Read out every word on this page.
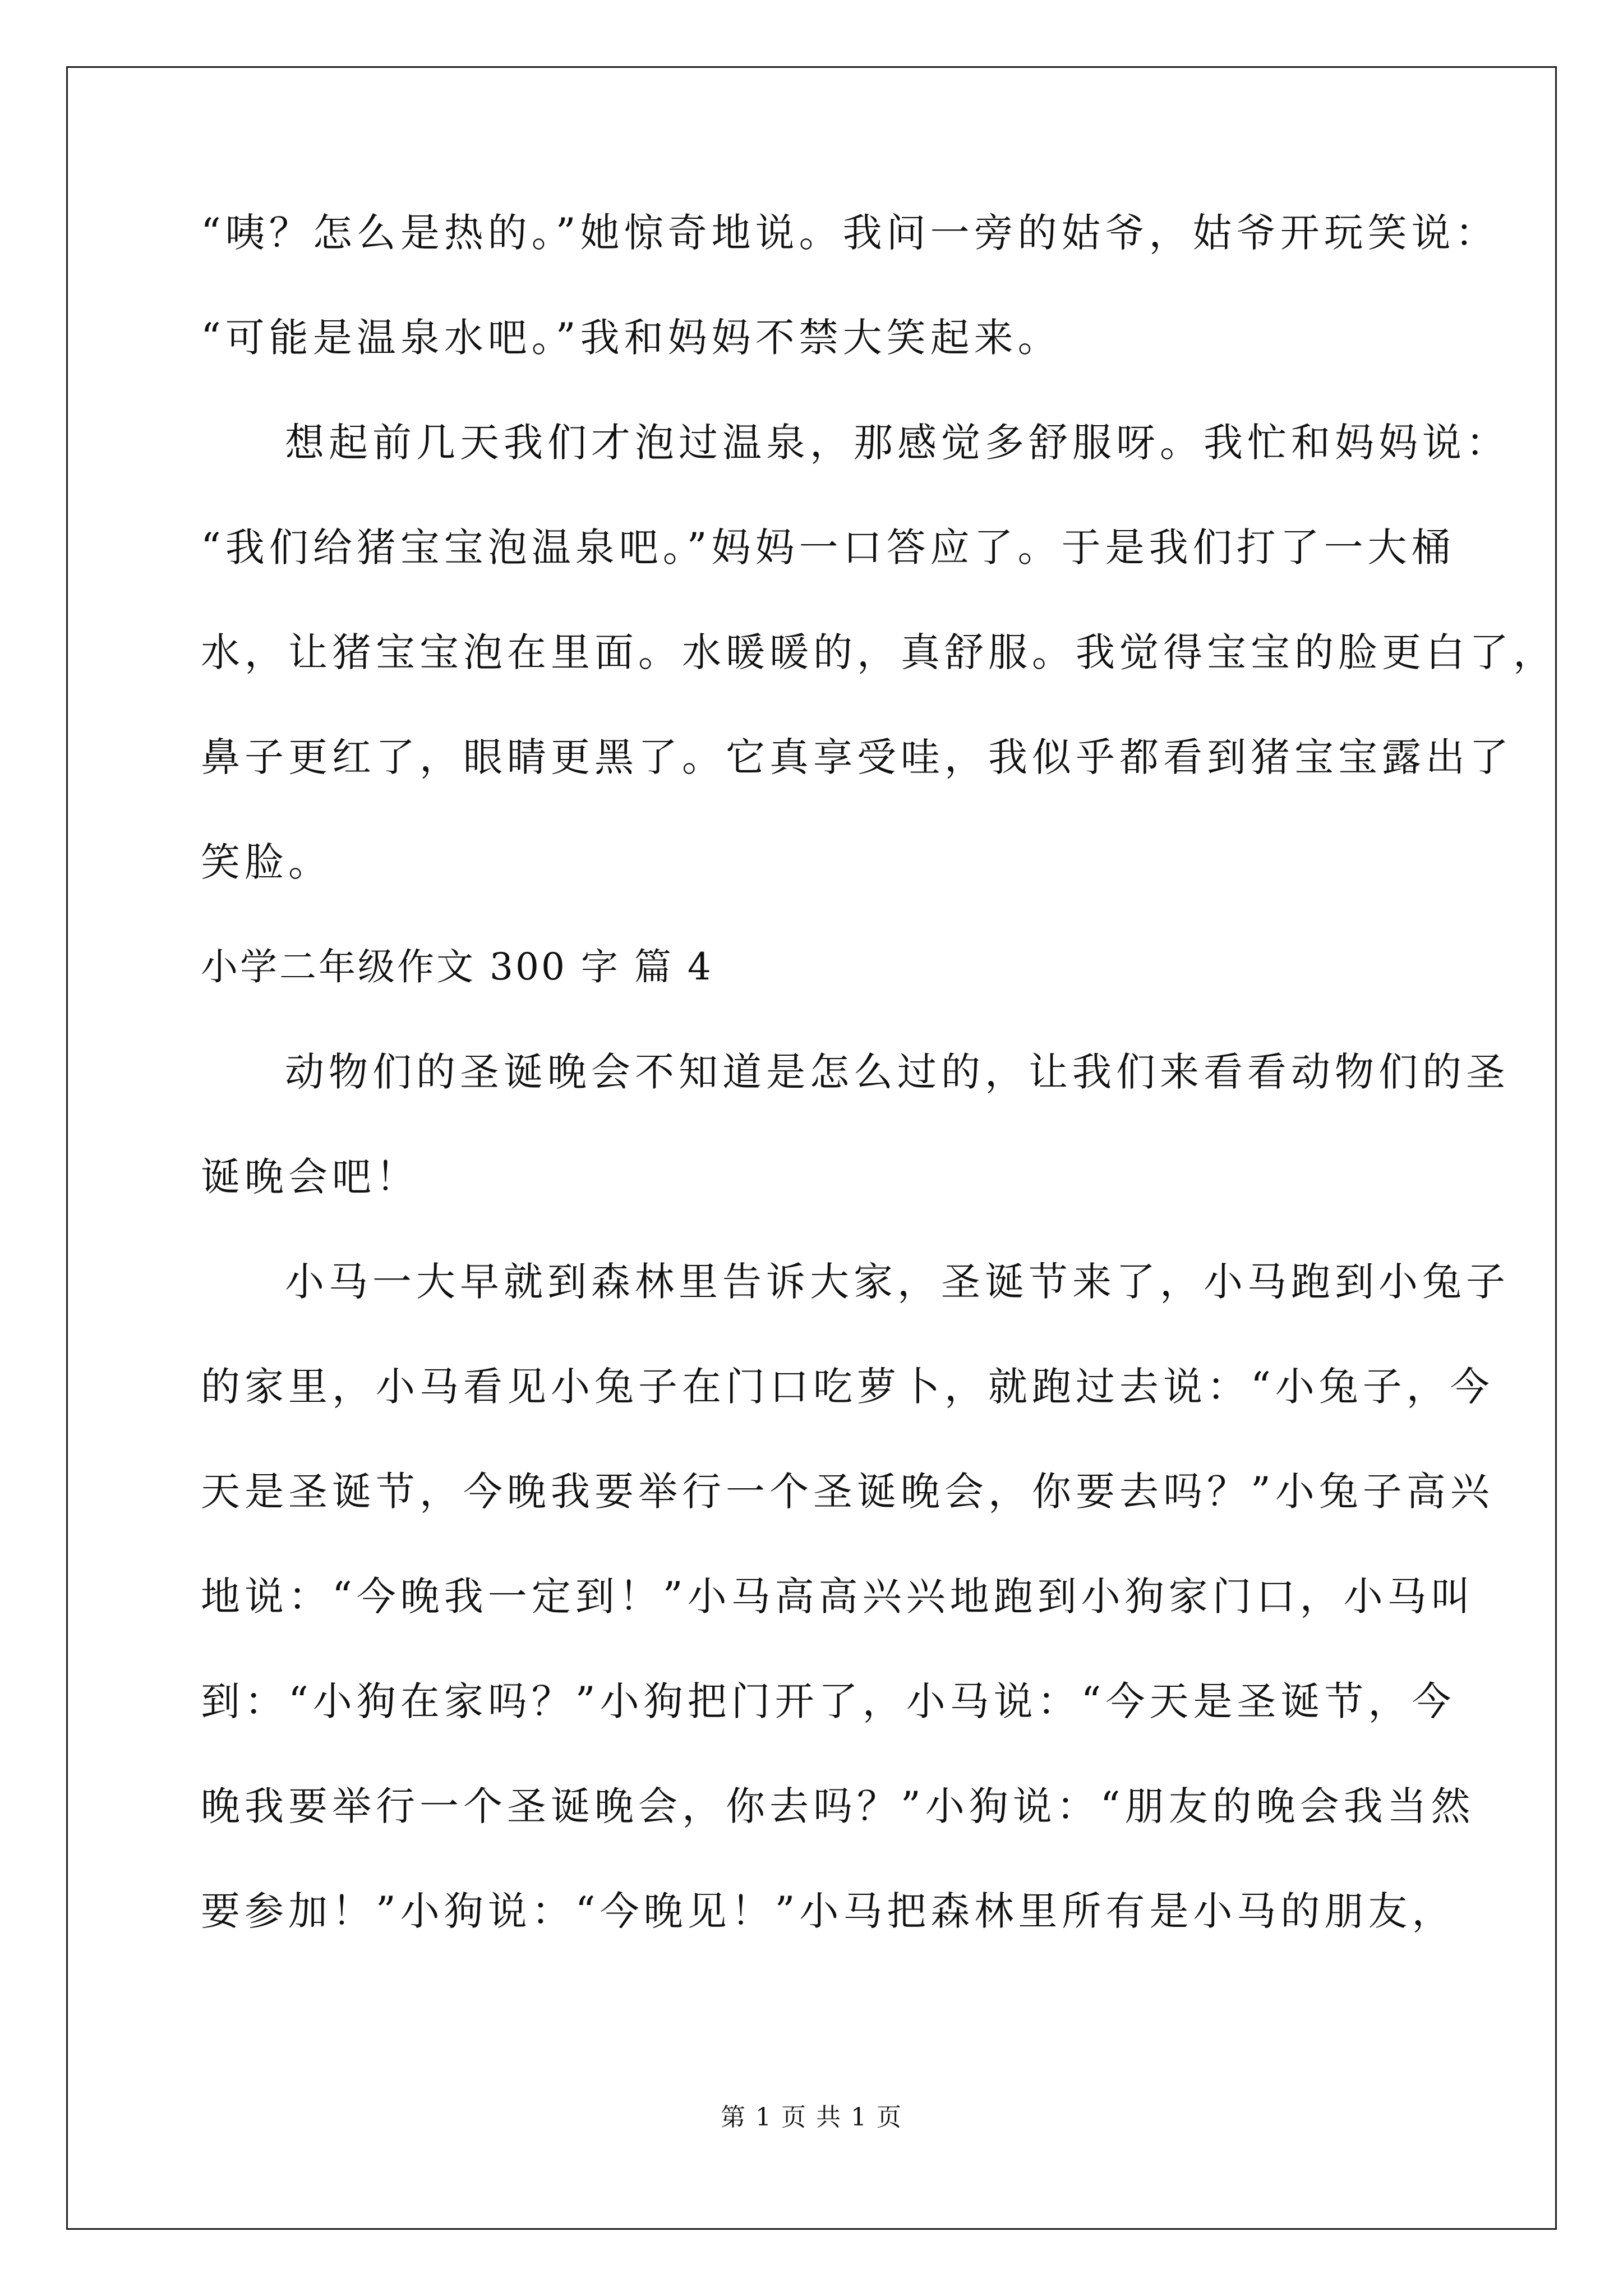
“咦？怎么是热的。”她惊奇地说。我问一旁的姑爷，姑爷开玩笑说：
“可能是温泉水吧。”我和妈妈不禁大笑起来。
想起前几天我们才泡过温泉，那感觉多舒服呀。我忙和妈妈说：
“我们给猪宝宝泡温泉吧。”妈妈一口答应了。于是我们打了一大桶
水，让猪宝宝泡在里面。水暖暖的，真舒服。我觉得宝宝的脸更白了，
鼻子更红了，眼睛更黑了。它真享受哇，我似乎都看到猪宝宝露出了
笑脸。
小学二年级作文 300 字 篇 4
动物们的圣诞晚会不知道是怎么过的，让我们来看看动物们的圣
诞晚会吧！
小马一大早就到森林里告诉大家，圣诞节来了，小马跑到小兔子
的家里，小马看见小兔子在门口吃萝卜，就跑过去说：“小兔子，今
天是圣诞节，今晚我要举行一个圣诞晚会，你要去吗？”小兔子高兴
地说：“今晚我一定到！”小马高高兴兴地跑到小狗家门口，小马叫
到：“小狗在家吗？”小狗把门开了，小马说：“今天是圣诞节，今
晚我要举行一个圣诞晚会，你去吗？”小狗说：“朋友的晚会我当然
要参加！”小狗说：“今晚见！”小马把森林里所有是小马的朋友，
第 1 页 共 1 页
